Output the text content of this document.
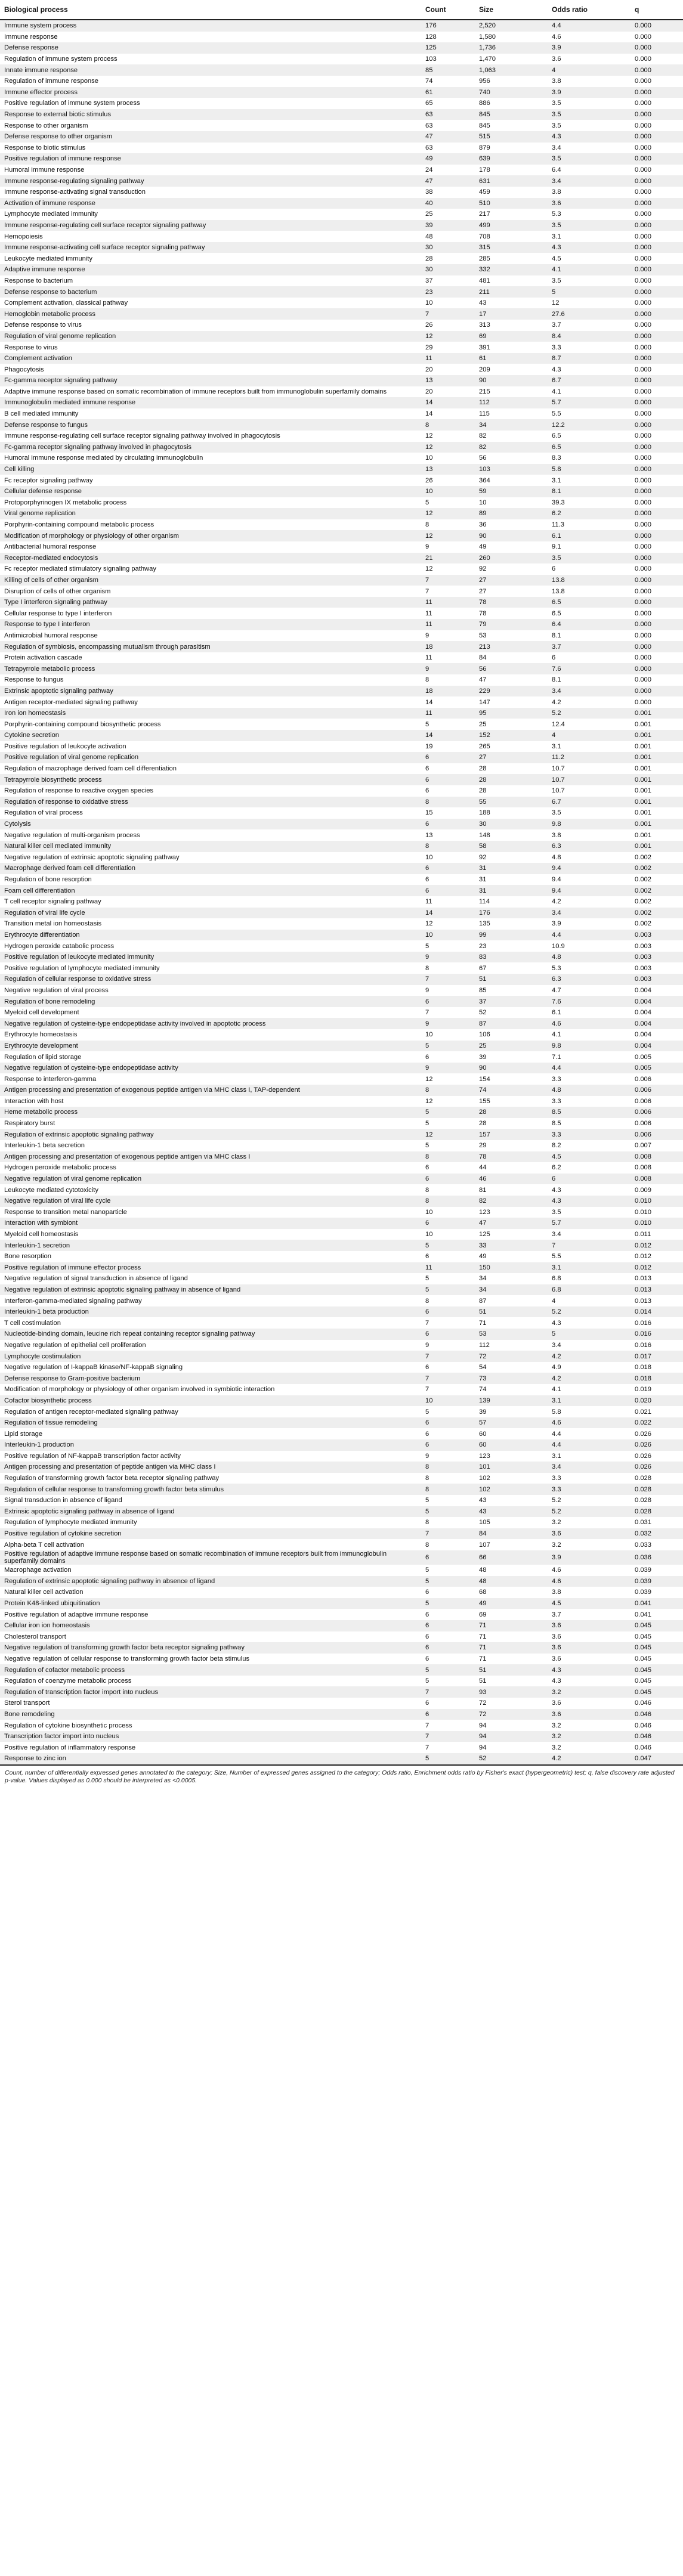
Biological process	Count	Size	Odds ratio	q
Immune system process	176	2,520	4.4	0.000
Immune response	128	1,580	4.6	0.000
Defense response	125	1,736	3.9	0.000
Regulation of immune system process	103	1,470	3.6	0.000
Innate immune response	85	1,063	4	0.000
Regulation of immune response	74	956	3.8	0.000
Immune effector process	61	740	3.9	0.000
Positive regulation of immune system process	65	886	3.5	0.000
Response to external biotic stimulus	63	845	3.5	0.000
Response to other organism	63	845	3.5	0.000
Defense response to other organism	47	515	4.3	0.000
Response to biotic stimulus	63	879	3.4	0.000
Positive regulation of immune response	49	639	3.5	0.000
Humoral immune response	24	178	6.4	0.000
Immune response-regulating signaling pathway	47	631	3.4	0.000
Immune response-activating signal transduction	38	459	3.8	0.000
Activation of immune response	40	510	3.6	0.000
Lymphocyte mediated immunity	25	217	5.3	0.000
Immune response-regulating cell surface receptor signaling pathway	39	499	3.5	0.000
Hemopoiesis	48	708	3.1	0.000
Immune response-activating cell surface receptor signaling pathway	30	315	4.3	0.000
Leukocyte mediated immunity	28	285	4.5	0.000
Adaptive immune response	30	332	4.1	0.000
Response to bacterium	37	481	3.5	0.000
Defense response to bacterium	23	211	5	0.000
Complement activation, classical pathway	10	43	12	0.000
Hemoglobin metabolic process	7	17	27.6	0.000
Defense response to virus	26	313	3.7	0.000
Regulation of viral genome replication	12	69	8.4	0.000
Response to virus	29	391	3.3	0.000
Complement activation	11	61	8.7	0.000
Phagocytosis	20	209	4.3	0.000
Fc-gamma receptor signaling pathway	13	90	6.7	0.000
Adaptive immune response based on somatic recombination of immune receptors built from immunoglobulin superfamily domains	20	215	4.1	0.000
Immunoglobulin mediated immune response	14	112	5.7	0.000
B cell mediated immunity	14	115	5.5	0.000
Defense response to fungus	8	34	12.2	0.000
Immune response-regulating cell surface receptor signaling pathway involved in phagocytosis	12	82	6.5	0.000
Fc-gamma receptor signaling pathway involved in phagocytosis	12	82	6.5	0.000
Humoral immune response mediated by circulating immunoglobulin	10	56	8.3	0.000
Cell killing	13	103	5.8	0.000
Fc receptor signaling pathway	26	364	3.1	0.000
Cellular defense response	10	59	8.1	0.000
Protoporphyrinogen IX metabolic process	5	10	39.3	0.000
Viral genome replication	12	89	6.2	0.000
Porphyrin-containing compound metabolic process	8	36	11.3	0.000
Modification of morphology or physiology of other organism	12	90	6.1	0.000
Antibacterial humoral response	9	49	9.1	0.000
Receptor-mediated endocytosis	21	260	3.5	0.000
Fc receptor mediated stimulatory signaling pathway	12	92	6	0.000
Killing of cells of other organism	7	27	13.8	0.000
Disruption of cells of other organism	7	27	13.8	0.000
Type I interferon signaling pathway	11	78	6.5	0.000
Cellular response to type I interferon	11	78	6.5	0.000
Response to type I interferon	11	79	6.4	0.000
Antimicrobial humoral response	9	53	8.1	0.000
Regulation of symbiosis, encompassing mutualism through parasitism	18	213	3.7	0.000
Protein activation cascade	11	84	6	0.000
Tetrapyrrole metabolic process	9	56	7.6	0.000
Response to fungus	8	47	8.1	0.000
Extrinsic apoptotic signaling pathway	18	229	3.4	0.000
Antigen receptor-mediated signaling pathway	14	147	4.2	0.000
Iron ion homeostasis	11	95	5.2	0.001
Porphyrin-containing compound biosynthetic process	5	25	12.4	0.001
Cytokine secretion	14	152	4	0.001
Positive regulation of leukocyte activation	19	265	3.1	0.001
Positive regulation of viral genome replication	6	27	11.2	0.001
Regulation of macrophage derived foam cell differentiation	6	28	10.7	0.001
Tetrapyrrole biosynthetic process	6	28	10.7	0.001
Regulation of response to reactive oxygen species	6	28	10.7	0.001
Regulation of response to oxidative stress	8	55	6.7	0.001
Regulation of viral process	15	188	3.5	0.001
Cytolysis	6	30	9.8	0.001
Negative regulation of multi-organism process	13	148	3.8	0.001
Natural killer cell mediated immunity	8	58	6.3	0.001
Negative regulation of extrinsic apoptotic signaling pathway	10	92	4.8	0.002
Macrophage derived foam cell differentiation	6	31	9.4	0.002
Regulation of bone resorption	6	31	9.4	0.002
Foam cell differentiation	6	31	9.4	0.002
T cell receptor signaling pathway	11	114	4.2	0.002
Regulation of viral life cycle	14	176	3.4	0.002
Transition metal ion homeostasis	12	135	3.9	0.002
Erythrocyte differentiation	10	99	4.4	0.003
Hydrogen peroxide catabolic process	5	23	10.9	0.003
Positive regulation of leukocyte mediated immunity	9	83	4.8	0.003
Positive regulation of lymphocyte mediated immunity	8	67	5.3	0.003
Regulation of cellular response to oxidative stress	7	51	6.3	0.003
Negative regulation of viral process	9	85	4.7	0.004
Regulation of bone remodeling	6	37	7.6	0.004
Myeloid cell development	7	52	6.1	0.004
Negative regulation of cysteine-type endopeptidase activity involved in apoptotic process	9	87	4.6	0.004
Erythrocyte homeostasis	10	106	4.1	0.004
Erythrocyte development	5	25	9.8	0.004
Regulation of lipid storage	6	39	7.1	0.005
Negative regulation of cysteine-type endopeptidase activity	9	90	4.4	0.005
Response to interferon-gamma	12	154	3.3	0.006
Antigen processing and presentation of exogenous peptide antigen via MHC class I, TAP-dependent	8	74	4.8	0.006
Interaction with host	12	155	3.3	0.006
Heme metabolic process	5	28	8.5	0.006
Respiratory burst	5	28	8.5	0.006
Regulation of extrinsic apoptotic signaling pathway	12	157	3.3	0.006
Interleukin-1 beta secretion	5	29	8.2	0.007
Antigen processing and presentation of exogenous peptide antigen via MHC class I	8	78	4.5	0.008
Hydrogen peroxide metabolic process	6	44	6.2	0.008
Negative regulation of viral genome replication	6	46	6	0.008
Leukocyte mediated cytotoxicity	8	81	4.3	0.009
Negative regulation of viral life cycle	8	82	4.3	0.010
Response to transition metal nanoparticle	10	123	3.5	0.010
Interaction with symbiont	6	47	5.7	0.010
Myeloid cell homeostasis	10	125	3.4	0.011
Interleukin-1 secretion	5	33	7	0.012
Bone resorption	6	49	5.5	0.012
Positive regulation of immune effector process	11	150	3.1	0.012
Negative regulation of signal transduction in absence of ligand	5	34	6.8	0.013
Negative regulation of extrinsic apoptotic signaling pathway in absence of ligand	5	34	6.8	0.013
Interferon-gamma-mediated signaling pathway	8	87	4	0.013
Interleukin-1 beta production	6	51	5.2	0.014
T cell costimulation	7	71	4.3	0.016
Nucleotide-binding domain, leucine rich repeat containing receptor signaling pathway	6	53	5	0.016
Negative regulation of epithelial cell proliferation	9	112	3.4	0.016
Lymphocyte costimulation	7	72	4.2	0.017
Negative regulation of I-kappaB kinase/NF-kappaB signaling	6	54	4.9	0.018
Defense response to Gram-positive bacterium	7	73	4.2	0.018
Modification of morphology or physiology of other organism involved in symbiotic interaction	7	74	4.1	0.019
Cofactor biosynthetic process	10	139	3.1	0.020
Regulation of antigen receptor-mediated signaling pathway	5	39	5.8	0.021
Regulation of tissue remodeling	6	57	4.6	0.022
Lipid storage	6	60	4.4	0.026
Interleukin-1 production	6	60	4.4	0.026
Positive regulation of NF-kappaB transcription factor activity	9	123	3.1	0.026
Antigen processing and presentation of peptide antigen via MHC class I	8	101	3.4	0.026
Regulation of transforming growth factor beta receptor signaling pathway	8	102	3.3	0.028
Regulation of cellular response to transforming growth factor beta stimulus	8	102	3.3	0.028
Signal transduction in absence of ligand	5	43	5.2	0.028
Extrinsic apoptotic signaling pathway in absence of ligand	5	43	5.2	0.028
Regulation of lymphocyte mediated immunity	8	105	3.2	0.031
Positive regulation of cytokine secretion	7	84	3.6	0.032
Alpha-beta T cell activation	8	107	3.2	0.033
Positive regulation of adaptive immune response based on somatic recombination of immune receptors built from immunoglobulin superfamily domains	6	66	3.9	0.036
Macrophage activation	5	48	4.6	0.039
Regulation of extrinsic apoptotic signaling pathway in absence of ligand	5	48	4.6	0.039
Natural killer cell activation	6	68	3.8	0.039
Protein K48-linked ubiquitination	5	49	4.5	0.041
Positive regulation of adaptive immune response	6	69	3.7	0.041
Cellular iron ion homeostasis	6	71	3.6	0.045
Cholesterol transport	6	71	3.6	0.045
Negative regulation of transforming growth factor beta receptor signaling pathway	6	71	3.6	0.045
Negative regulation of cellular response to transforming growth factor beta stimulus	6	71	3.6	0.045
Regulation of cofactor metabolic process	5	51	4.3	0.045
Regulation of coenzyme metabolic process	5	51	4.3	0.045
Regulation of transcription factor import into nucleus	7	93	3.2	0.045
Sterol transport	6	72	3.6	0.046
Bone remodeling	6	72	3.6	0.046
Regulation of cytokine biosynthetic process	7	94	3.2	0.046
Transcription factor import into nucleus	7	94	3.2	0.046
Positive regulation of inflammatory response	7	94	3.2	0.046
Response to zinc ion	5	52	4.2	0.047
Count, number of differentially expressed genes annotated to the category; Size, Number of expressed genes assigned to the category; Odds ratio, Enrichment odds ratio by Fisher's exact (hypergeometric) test; q, false discovery rate adjusted p-value. Values displayed as 0.000 should be interpreted as <0.0005.
